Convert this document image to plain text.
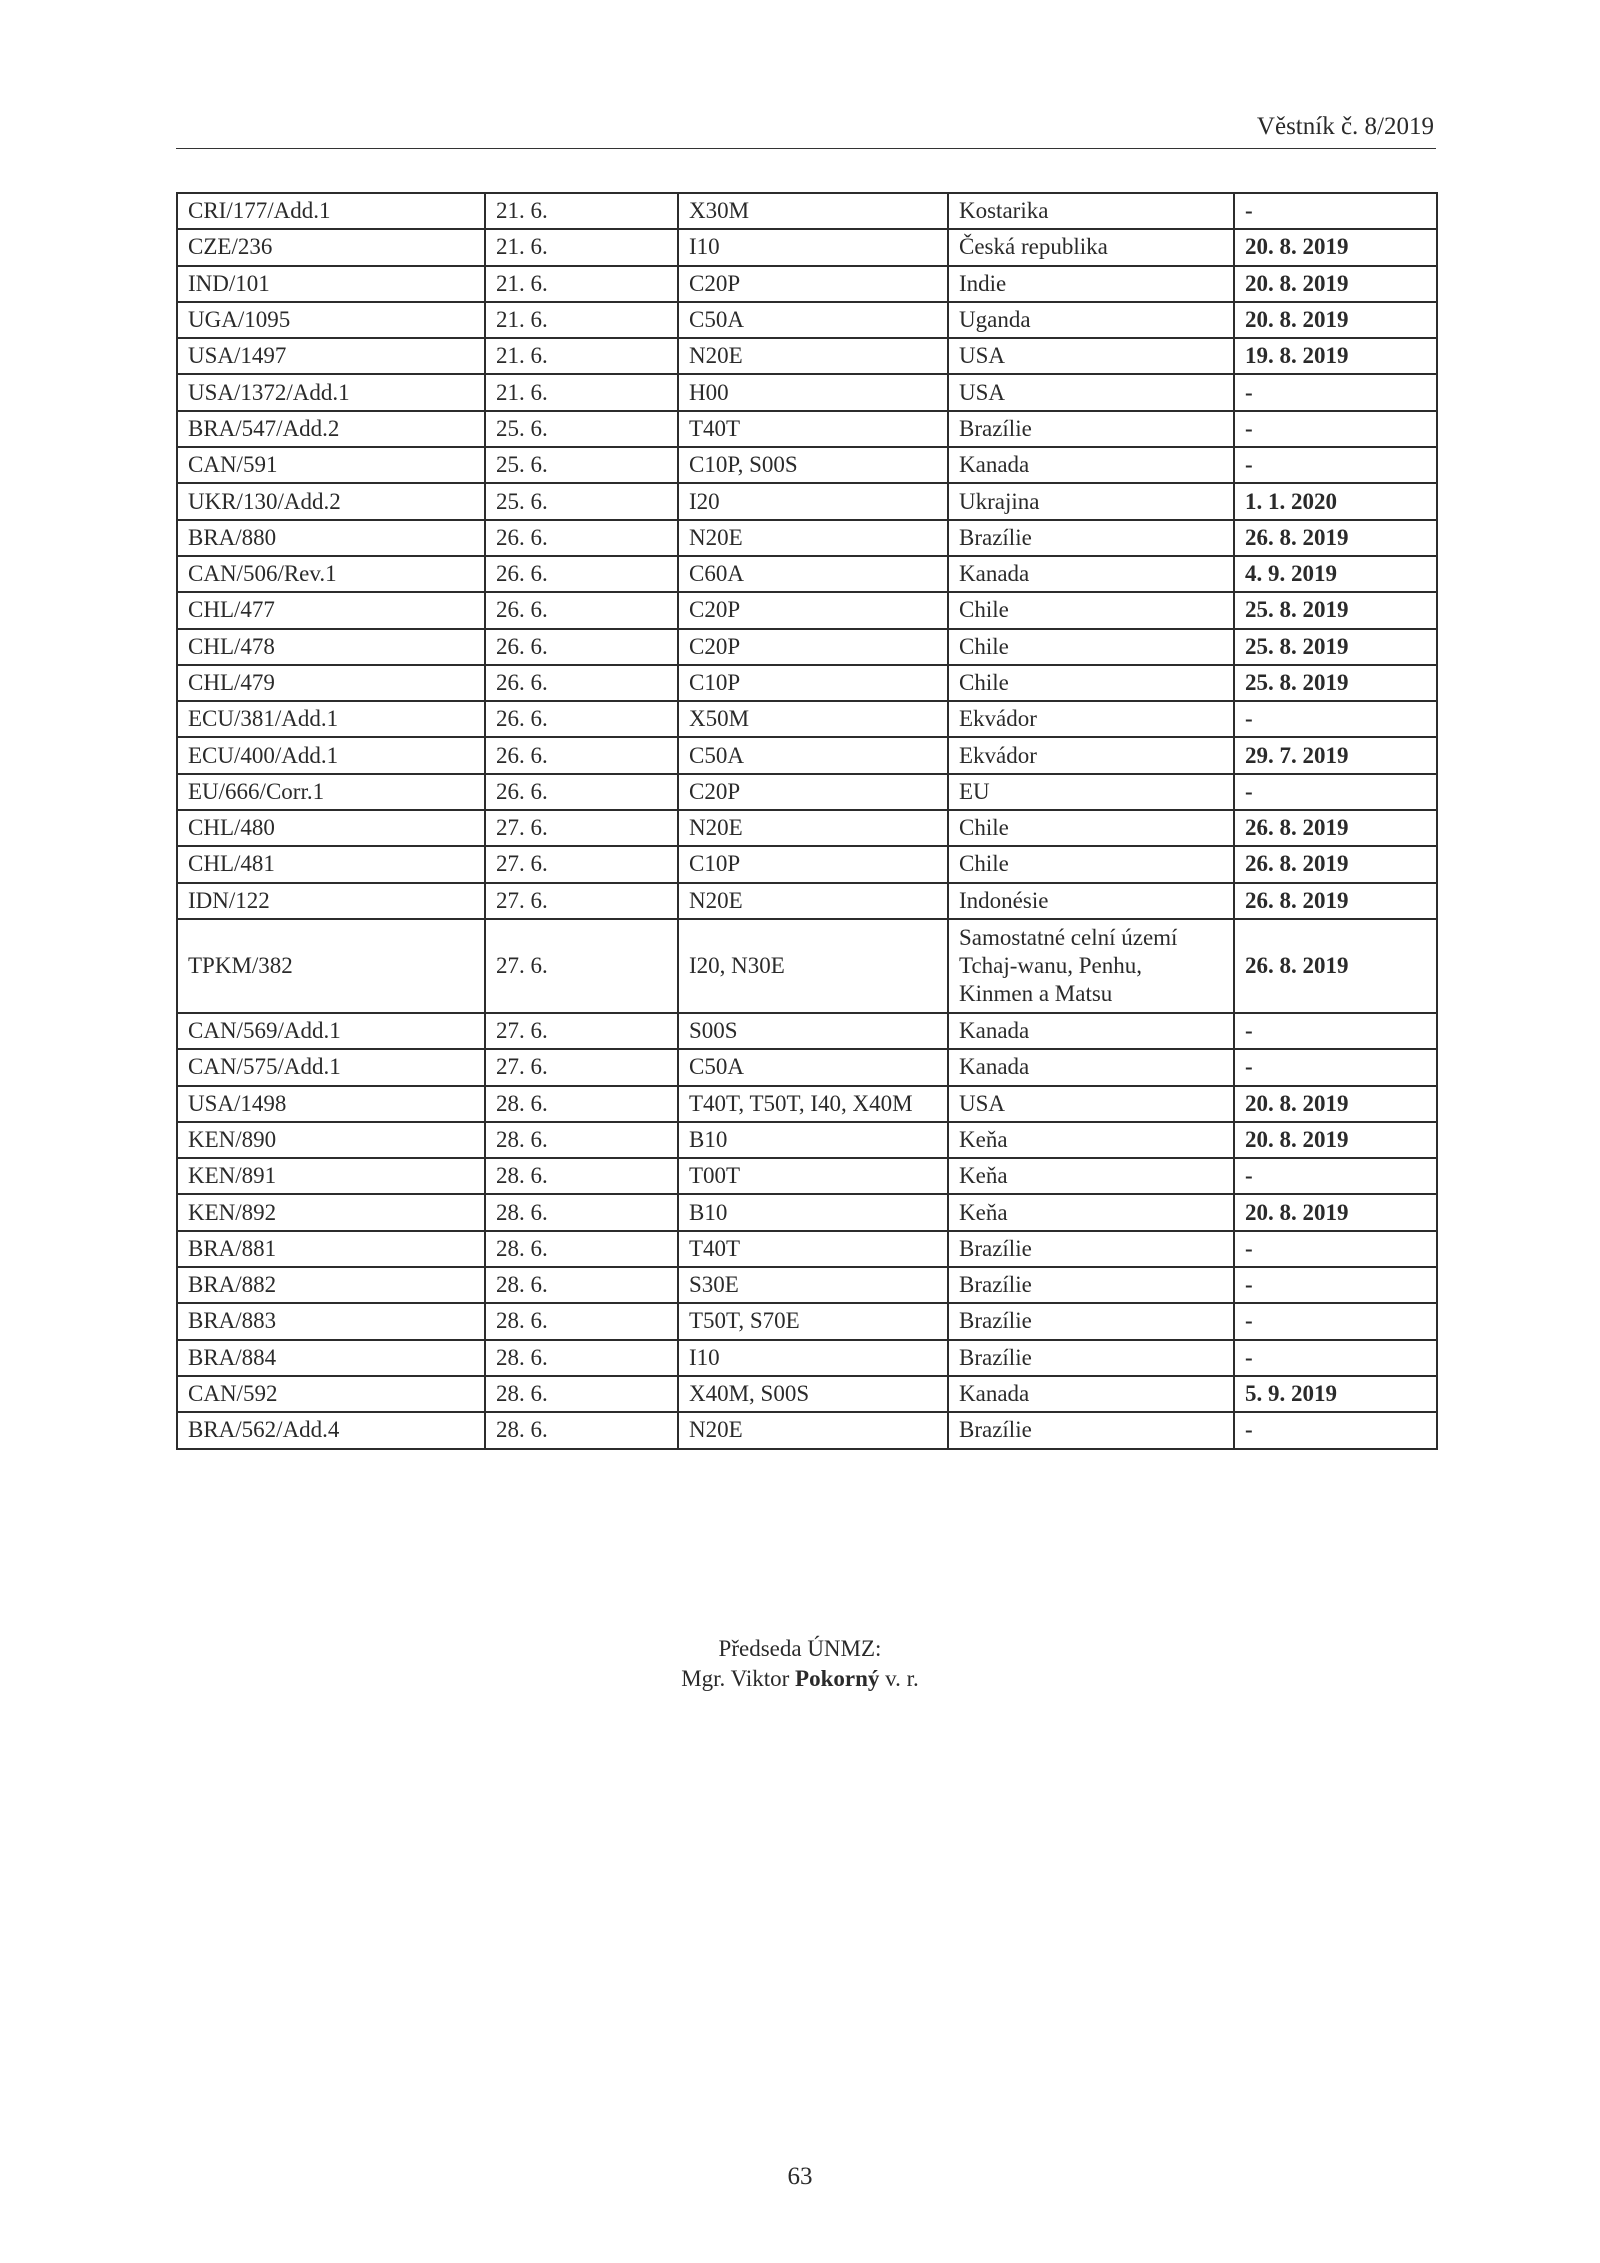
Věstník č. 8/2019
CRI/177/Add.1	21. 6.	X30M	Kostarika	-
CZE/236	21. 6.	I10	Česká republika	20. 8. 2019
IND/101	21. 6.	C20P	Indie	20. 8. 2019
UGA/1095	21. 6.	C50A	Uganda	20. 8. 2019
USA/1497	21. 6.	N20E	USA	19. 8. 2019
USA/1372/Add.1	21. 6.	H00	USA	-
BRA/547/Add.2	25. 6.	T40T	Brazílie	-
CAN/591	25. 6.	C10P, S00S	Kanada	-
UKR/130/Add.2	25. 6.	I20	Ukrajina	1. 1. 2020
BRA/880	26. 6.	N20E	Brazílie	26. 8. 2019
CAN/506/Rev.1	26. 6.	C60A	Kanada	4. 9. 2019
CHL/477	26. 6.	C20P	Chile	25. 8. 2019
CHL/478	26. 6.	C20P	Chile	25. 8. 2019
CHL/479	26. 6.	C10P	Chile	25. 8. 2019
ECU/381/Add.1	26. 6.	X50M	Ekvádor	-
ECU/400/Add.1	26. 6.	C50A	Ekvádor	29. 7. 2019
EU/666/Corr.1	26. 6.	C20P	EU	-
CHL/480	27. 6.	N20E	Chile	26. 8. 2019
CHL/481	27. 6.	C10P	Chile	26. 8. 2019
IDN/122	27. 6.	N20E	Indonésie	26. 8. 2019
TPKM/382	27. 6.	I20, N30E	Samostatné celní území
Tchaj-wanu, Penhu,
Kinmen a Matsu	26. 8. 2019
CAN/569/Add.1	27. 6.	S00S	Kanada	-
CAN/575/Add.1	27. 6.	C50A	Kanada	-
USA/1498	28. 6.	T40T, T50T, I40, X40M	USA	20. 8. 2019
KEN/890	28. 6.	B10	Keňa	20. 8. 2019
KEN/891	28. 6.	T00T	Keňa	-
KEN/892	28. 6.	B10	Keňa	20. 8. 2019
BRA/881	28. 6.	T40T	Brazílie	-
BRA/882	28. 6.	S30E	Brazílie	-
BRA/883	28. 6.	T50T, S70E	Brazílie	-
BRA/884	28. 6.	I10	Brazílie	-
CAN/592	28. 6.	X40M, S00S	Kanada	5. 9. 2019
BRA/562/Add.4	28. 6.	N20E	Brazílie	-
Předseda ÚNMZ:
Mgr. Viktor Pokorný v. r.
63
